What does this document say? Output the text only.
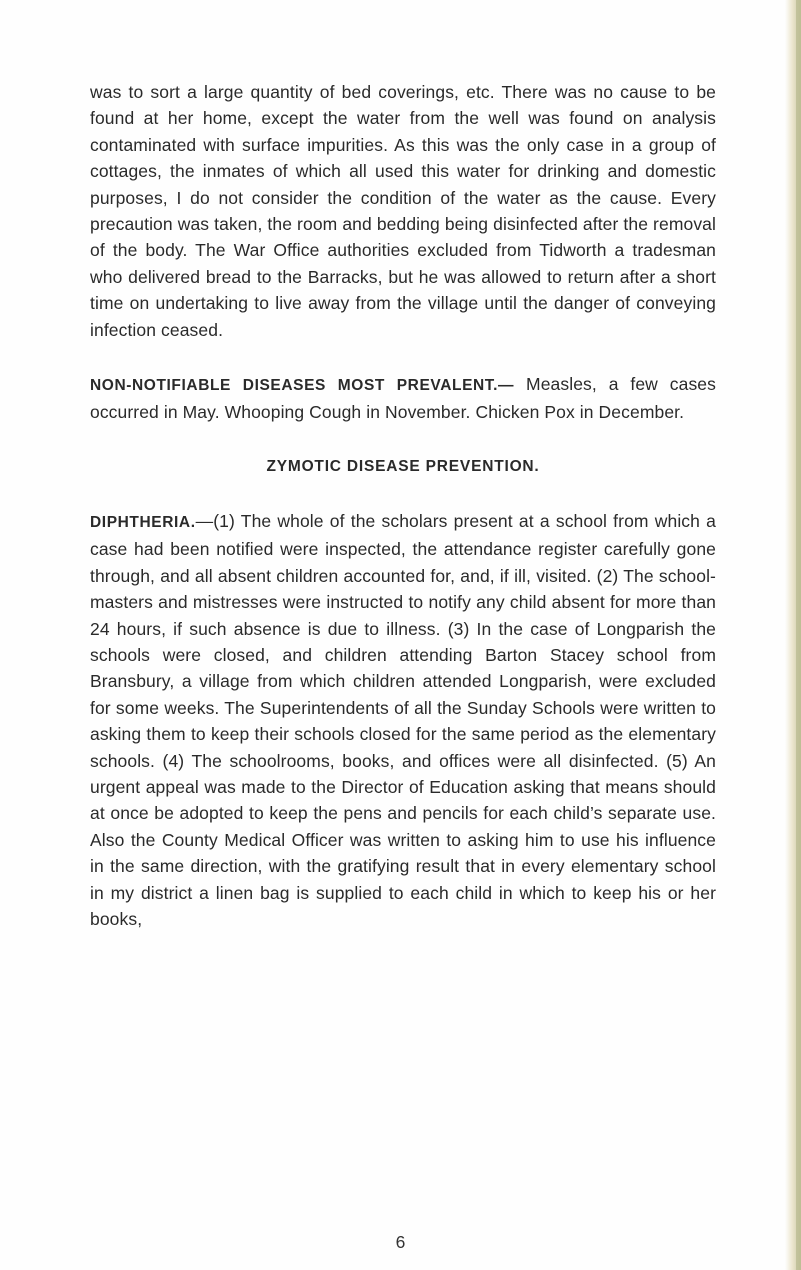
was to sort a large quantity of bed coverings, etc. There was no cause to be found at her home, except the water from the well was found on analysis contaminated with surface impurities. As this was the only case in a group of cottages, the inmates of which all used this water for drinking and domestic purposes, I do not consider the condition of the water as the cause. Every precaution was taken, the room and bedding being disinfected after the removal of the body. The War Office authorities excluded from Tidworth a tradesman who delivered bread to the Barracks, but he was allowed to return after a short time on undertaking to live away from the village until the danger of conveying infection ceased.

NON-NOTIFIABLE DISEASES MOST PREVALENT.— Measles, a few cases occurred in May. Whooping Cough in November. Chicken Pox in December.

ZYMOTIC DISEASE PREVENTION.

DIPHTHERIA.—(1) The whole of the scholars present at a school from which a case had been notified were inspected, the attendance register carefully gone through, and all absent children accounted for, and, if ill, visited. (2) The school-masters and mistresses were instructed to notify any child absent for more than 24 hours, if such absence is due to illness. (3) In the case of Longparish the schools were closed, and children attending Barton Stacey school from Bransbury, a village from which children attended Longparish, were excluded for some weeks. The Superintendents of all the Sunday Schools were written to asking them to keep their schools closed for the same period as the elementary schools. (4) The schoolrooms, books, and offices were all disinfected. (5) An urgent appeal was made to the Director of Education asking that means should at once be adopted to keep the pens and pencils for each child’s separate use. Also the County Medical Officer was written to asking him to use his influence in the same direction, with the gratifying result that in every elementary school in my district a linen bag is supplied to each child in which to keep his or her books,

6
